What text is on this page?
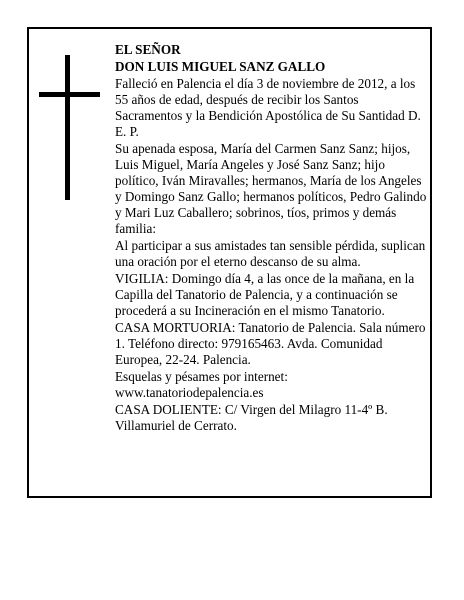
EL SEÑOR

DON LUIS MIGUEL SANZ GALLO

Falleció en Palencia el día 3 de noviembre de 2012, a los 55 años de edad, después de recibir los Santos Sacramentos y la Bendición Apostólica de Su Santidad D. E. P.

Su apenada esposa, María del Carmen Sanz Sanz; hijos, Luis Miguel, María Angeles y José Sanz Sanz; hijo político, Iván Miravalles; hermanos, María de los Angeles y Domingo Sanz Gallo; hermanos políticos, Pedro Galindo y Mari Luz Caballero; sobrinos, tíos, primos y demás familia:

Al participar a sus amistades tan sensible pérdida, suplican una oración por el eterno descanso de su alma.

VIGILIA: Domingo día 4, a las once de la mañana, en la Capilla del Tanatorio de Palencia, y a continuación se procederá a su Incineración en el mismo Tanatorio.

CASA MORTUORIA: Tanatorio de Palencia. Sala número 1. Teléfono directo: 979165463. Avda. Comunidad Europea, 22-24. Palencia.

Esquelas y pésames por internet: www.tanatoriodepalencia.es

CASA DOLIENTE: C/ Virgen del Milagro 11-4º B. Villamuriel de Cerrato.
